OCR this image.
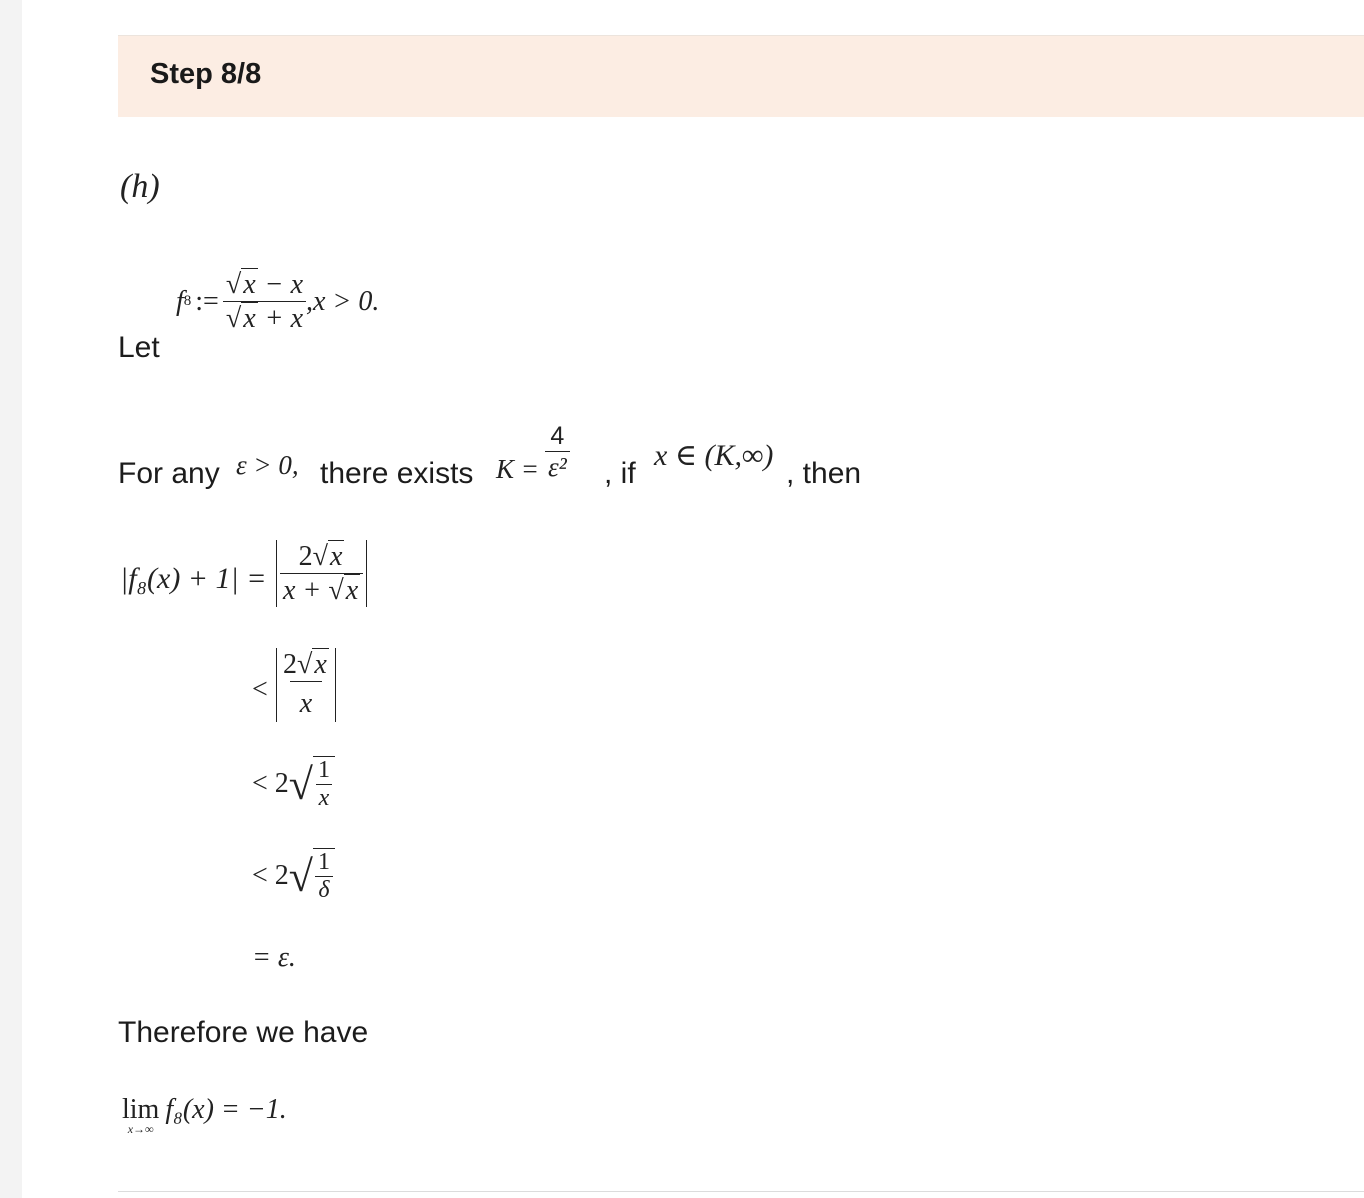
Step 8/8
(h)
Let
f 8 := $\frac{√ x - x}{√ x + x} ,x > 0$.
For any ε > 0, there exists $K = \frac{4}{\text{ε²}}$ , if
x ∈ (K,∞)
, then
$|f_8(x) + 1| = \frac{2 √ x}{x + √ x}$
< $\frac{2 √ x}{x}$
< 2 √ $\frac{1}{x}$
< 2 √ $\frac{1}{\delta}$
= ε.
Therefore we have
lim
x→∞
f₈(x) = −1.
